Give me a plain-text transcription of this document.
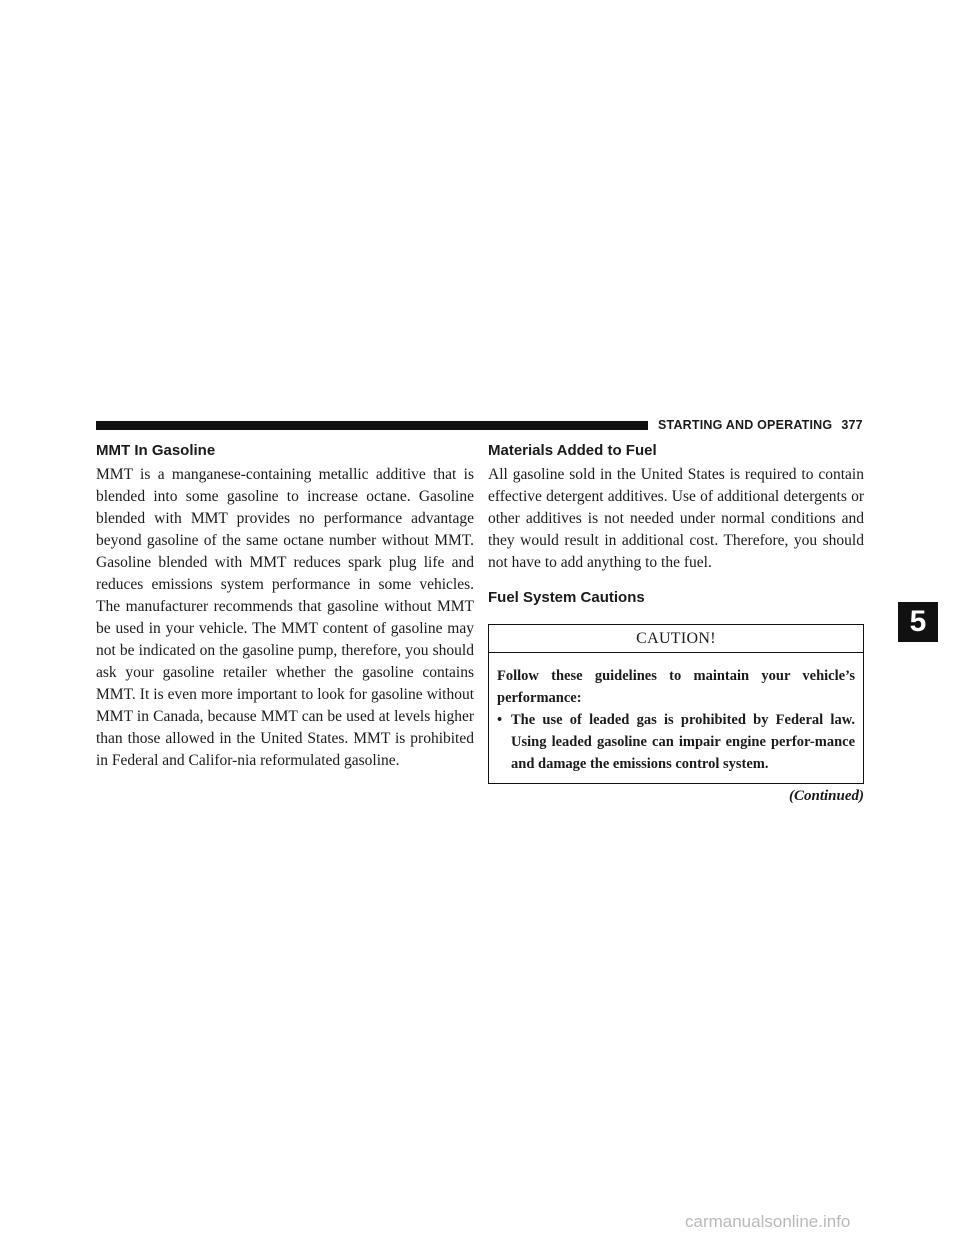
STARTING AND OPERATING 377
MMT In Gasoline

MMT is a manganese-containing metallic additive that is blended into some gasoline to increase octane. Gasoline blended with MMT provides no performance advantage beyond gasoline of the same octane number without MMT. Gasoline blended with MMT reduces spark plug life and reduces emissions system performance in some vehicles. The manufacturer recommends that gasoline without MMT be used in your vehicle. The MMT content of gasoline may not be indicated on the gasoline pump, therefore, you should ask your gasoline retailer whether the gasoline contains MMT. It is even more important to look for gasoline without MMT in Canada, because MMT can be used at levels higher than those allowed in the United States. MMT is prohibited in Federal and Califor-nia reformulated gasoline.

Materials Added to Fuel

All gasoline sold in the United States is required to contain effective detergent additives. Use of additional detergents or other additives is not needed under normal conditions and they would result in additional cost. Therefore, you should not have to add anything to the fuel.

Fuel System Cautions
CAUTION!
Follow these guidelines to maintain your vehicle’s performance:
• The use of leaded gas is prohibited by Federal law. Using leaded gasoline can impair engine perfor-mance and damage the emissions control system.
(Continued)
5
carmanualsonline.info
